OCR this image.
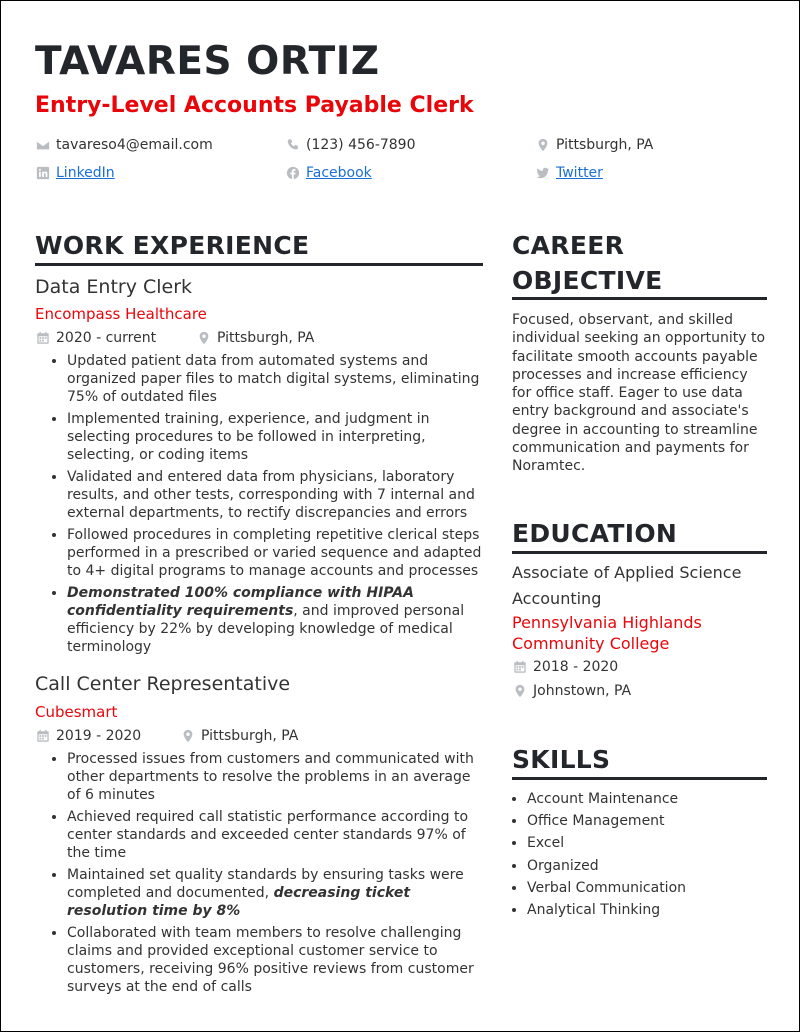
TAVARES ORTIZ
Entry-Level Accounts Payable Clerk
tavareso4@email.com	(123) 456-7890	Pittsburgh, PA
LinkedIn	Facebook	Twitter
WORK EXPERIENCE
Data Entry Clerk
Encompass Healthcare
2020 - current	Pittsburgh, PA
• Updated patient data from automated systems and organized paper files to match digital systems, eliminating 75% of outdated files
• Implemented training, experience, and judgment in selecting procedures to be followed in interpreting, selecting, or coding items
• Validated and entered data from physicians, laboratory results, and other tests, corresponding with 7 internal and external departments, to rectify discrepancies and errors
• Followed procedures in completing repetitive clerical steps performed in a prescribed or varied sequence and adapted to 4+ digital programs to manage accounts and processes
• Demonstrated 100% compliance with HIPAA confidentiality requirements, and improved personal efficiency by 22% by developing knowledge of medical terminology
Call Center Representative
Cubesmart
2019 - 2020	Pittsburgh, PA
• Processed issues from customers and communicated with other departments to resolve the problems in an average of 6 minutes
• Achieved required call statistic performance according to center standards and exceeded center standards 97% of the time
• Maintained set quality standards by ensuring tasks were completed and documented, decreasing ticket resolution time by 8%
• Collaborated with team members to resolve challenging claims and provided exceptional customer service to customers, receiving 96% positive reviews from customer surveys at the end of calls
CAREER
OBJECTIVE

Focused, observant, and skilled individual seeking an opportunity to facilitate smooth accounts payable processes and increase efficiency for office staff. Eager to use data entry background and associate's degree in accounting to streamline communication and payments for Noramtec.

EDUCATION
Associate of Applied Science
Accounting
Pennsylvania Highlands
Community College
2018 - 2020
Johnstown, PA
SKILLS
• Account Maintenance
• Office Management
• Excel
• Organized
• Verbal Communication
• Analytical Thinking
